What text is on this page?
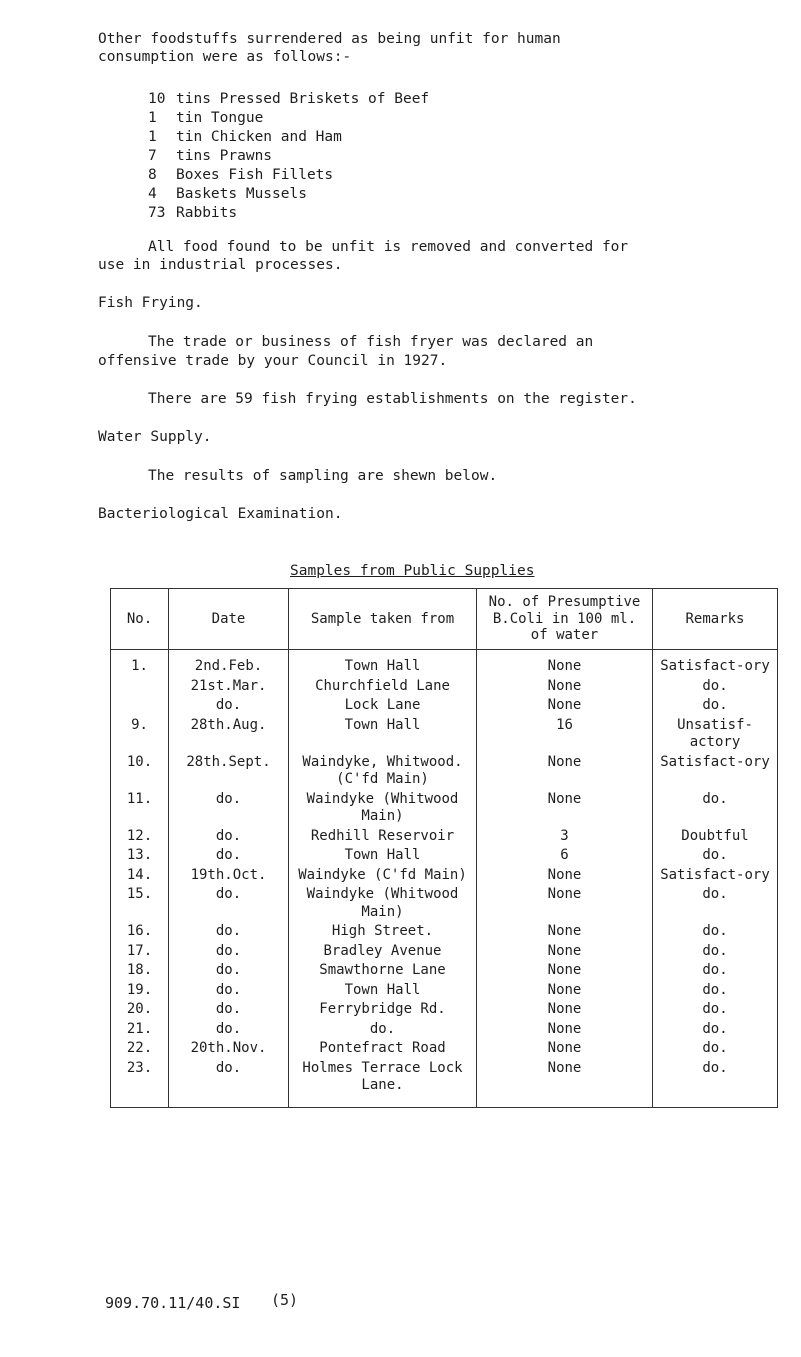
Other foodstuffs surrendered as being unfit for human
consumption were as follows:-
10 tins Pressed Briskets of Beef
1	tin Tongue
1	tin Chicken and Ham
7	tins Prawns
8	Boxes Fish Fillets
4	Baskets Mussels
73 Rabbits
All food found to be unfit is removed and converted for
use in industrial processes.
Fish Frying.
The trade or business of fish fryer was declared an
offensive trade by your Council in 1927.
There are 59 fish frying establishments on the register.
Water Supply.
The results of sampling are shewn below.
Bacteriological Examination.
Samples from Public Supplies
No.	Date	Sample taken from	No. of Presumptive B.Coli in 100 ml. of water	Remarks
1.	2nd.Feb.	Town Hall	None	Satisfact-ory
	21st.Mar.	Churchfield Lane	None	do.
	do.	Lock Lane	None	do.
9.	28th.Aug.	Town Hall	16	Unsatisf-actory
10.	28th.Sept.	Waindyke, Whitwood. (C'fd Main)	None	Satisfact-ory
11.	do.	Waindyke (Whitwood Main)	None	do.
12.	do.	Redhill Reservoir	3	Doubtful
13.	do.	Town Hall	6	do.
14.	19th.Oct.	Waindyke (C'fd Main)	None	Satisfact-ory
15.	do.	Waindyke (Whitwood Main)	None	do.
16.	do.	High Street.	None	do.
17.	do.	Bradley Avenue	None	do.
18.	do.	Smawthorne Lane	None	do.
19.	do.	Town Hall	None	do.
20.	do.	Ferrybridge Rd.	None	do.
21.	do.	do.	None	do.
22.	20th.Nov.	Pontefract Road	None	do.
23.	do.	Holmes Terrace Lock Lane.	None	do.
909.70.11/40.SI (5)
